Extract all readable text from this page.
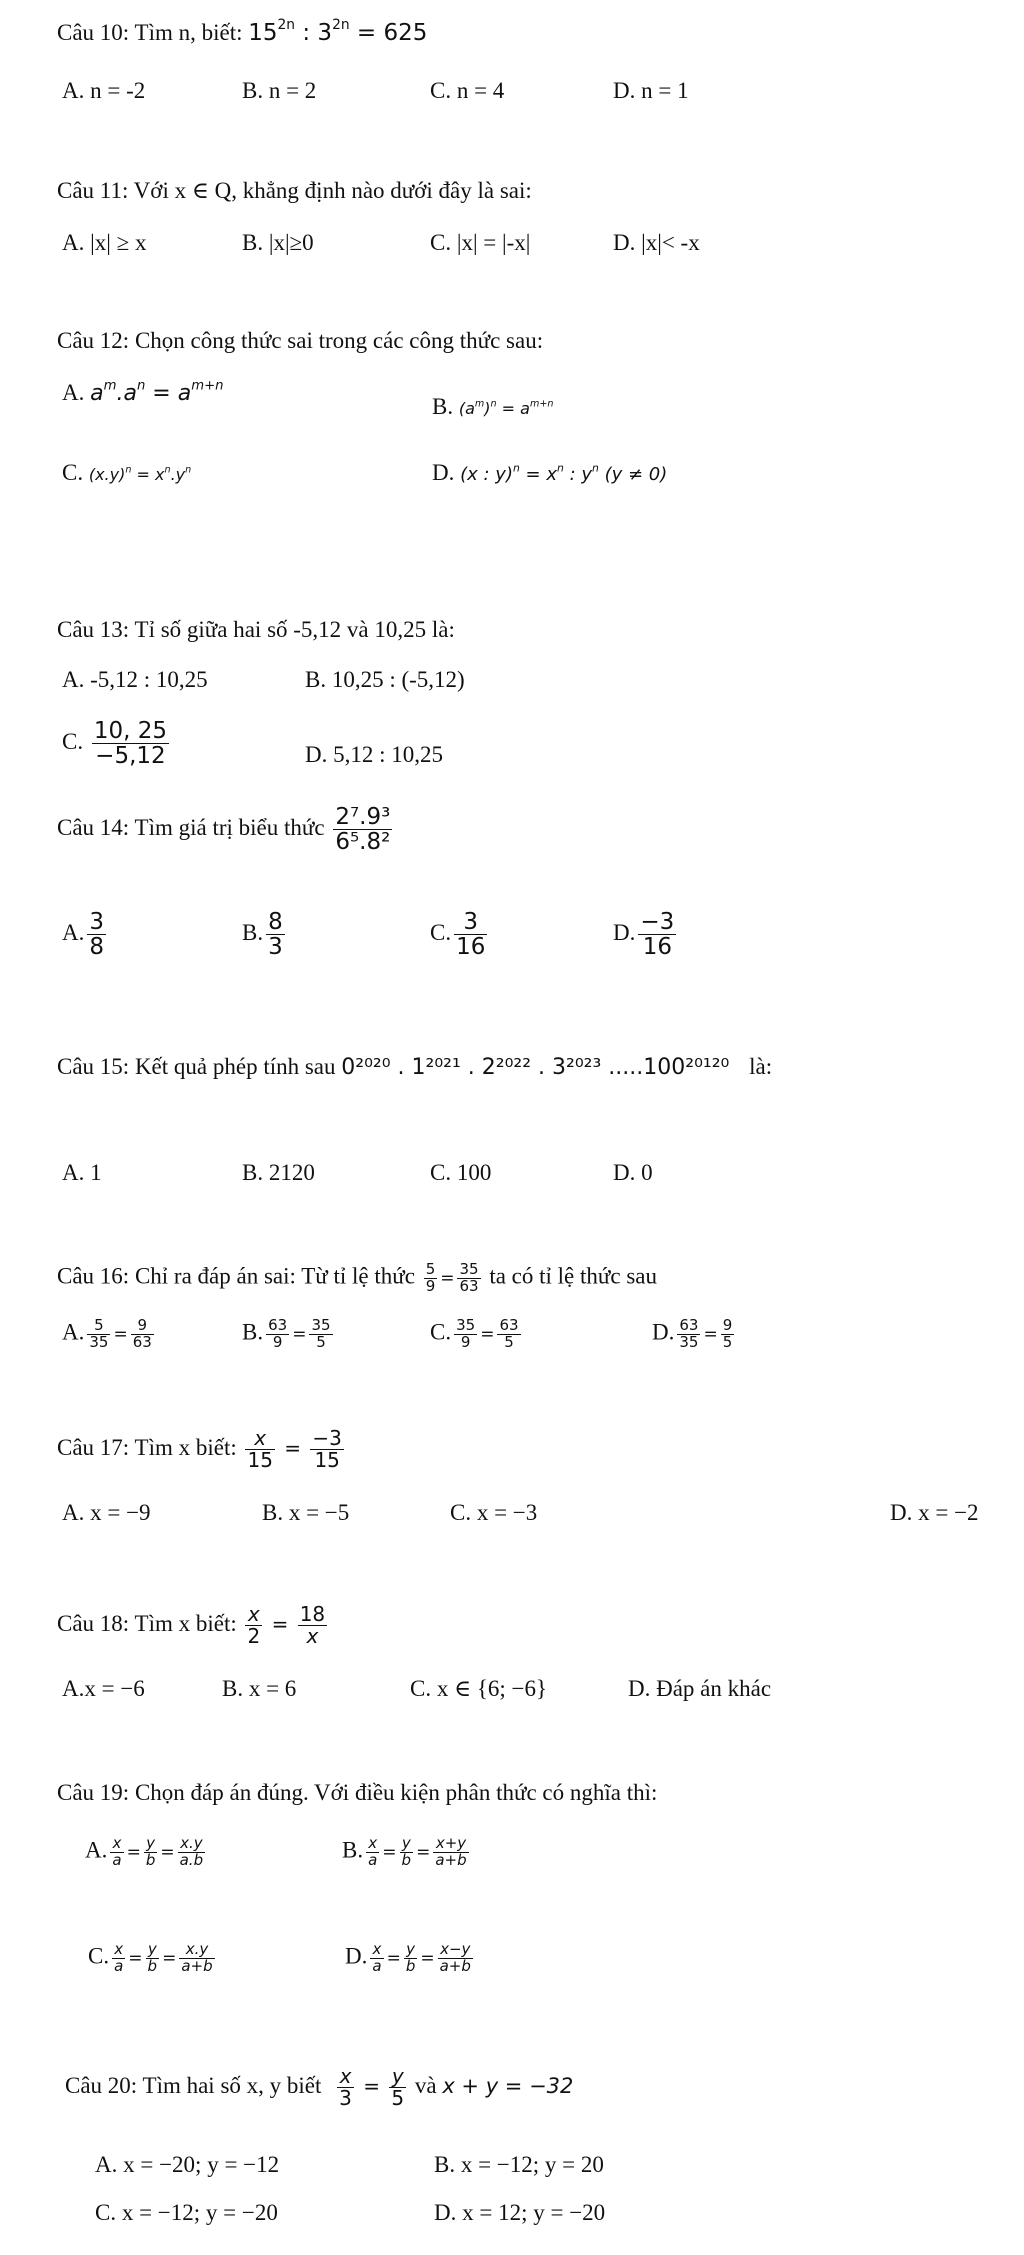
Câu 10: Tìm n, biết: $15^{2n}$ : $3^{2n} = 625$
A. n = -2	B. n = 2	C. n = 4	D. n = 1
Câu 11: Với x ∈ Q, khẳng định nào dưới đây là sai:
A. |x| ≥ x	B. |x|≥0	C. |x| = |-x|	D. |x|< -x
Câu 12: Chọn công thức sai trong các công thức sau:
A. $a^m.a^n = a^{m+n}$
B. $(a^m)^n = a^{m+n}$
C. $(x.y)^n = x^n.y^n$	D. (x : $y)^n = x^n$ : $y^n$ (y ≠ 0)
Câu 13: Tỉ số giữa hai số -5,12 và 10,25 là:
A. -5,12 : 10,25	B. 10,25 : (-5,12)
C. $\frac{10, 25}{-5,12}$	D. 5,12 : 10,25
Câu 14: Tìm giá trị biểu thức $\frac{\text{2⁷.9³}}{\text{6⁵.8²}}$
A. $\frac{3}{8}$	B. $\frac{8}{3}$	C. $\frac{3}{16}$	D. $\frac{-3}{16}$
Câu 15: Kết quả phép tính sau 0²⁰²⁰ . 1²⁰²¹ . 2²⁰²² . 3²⁰²³ .....100²⁰¹²⁰ là:
A. 1	B. 2120	C. 100	D. 0
Câu 16: Chỉ ra đáp án sai: Từ tỉ lệ thức $\frac{5}{9} = \frac{35}{63}$ ta có tỉ lệ thức sau
A. $\frac{5}{35} = \frac{9}{63}$	B. $\frac{63}{9} = \frac{35}{5}$	C. $\frac{35}{9} = \frac{63}{5}$	D. $\frac{63}{35} = \frac{9}{5}$
Câu 17: Tìm x biết: $\frac{x}{15} = \frac{-3}{15}$
A. x = −9	B. x = −5	C. x = −3	D. x = −2
Câu 18: Tìm x biết: $\frac{x}{2} = \frac{18}{x}$
A.x = −6	B. x = 6	C. x ∈ {6; −6}	D. Đáp án khác
Câu 19: Chọn đáp án đúng. Với điều kiện phân thức có nghĩa thì:
A. $\frac{x}{a} = \frac{y}{b} = \frac{x.y}{a.b}$	B. $\frac{x}{a} = \frac{y}{b} = \frac{x+y}{a+b}$
C. $\frac{x}{a} = \frac{y}{b} = \frac{x.y}{a+b}$	D. $\frac{x}{a} = \frac{y}{b} = \frac{x-y}{a+b}$
Câu 20: Tìm hai số x, y biết $\frac{x}{3} = \frac{y}{5}$ và x + y = −32
A. x = −20; y = −12	B. x = −12; y = 20
C. x = −12; y = −20	D. x = 12; y = −20
